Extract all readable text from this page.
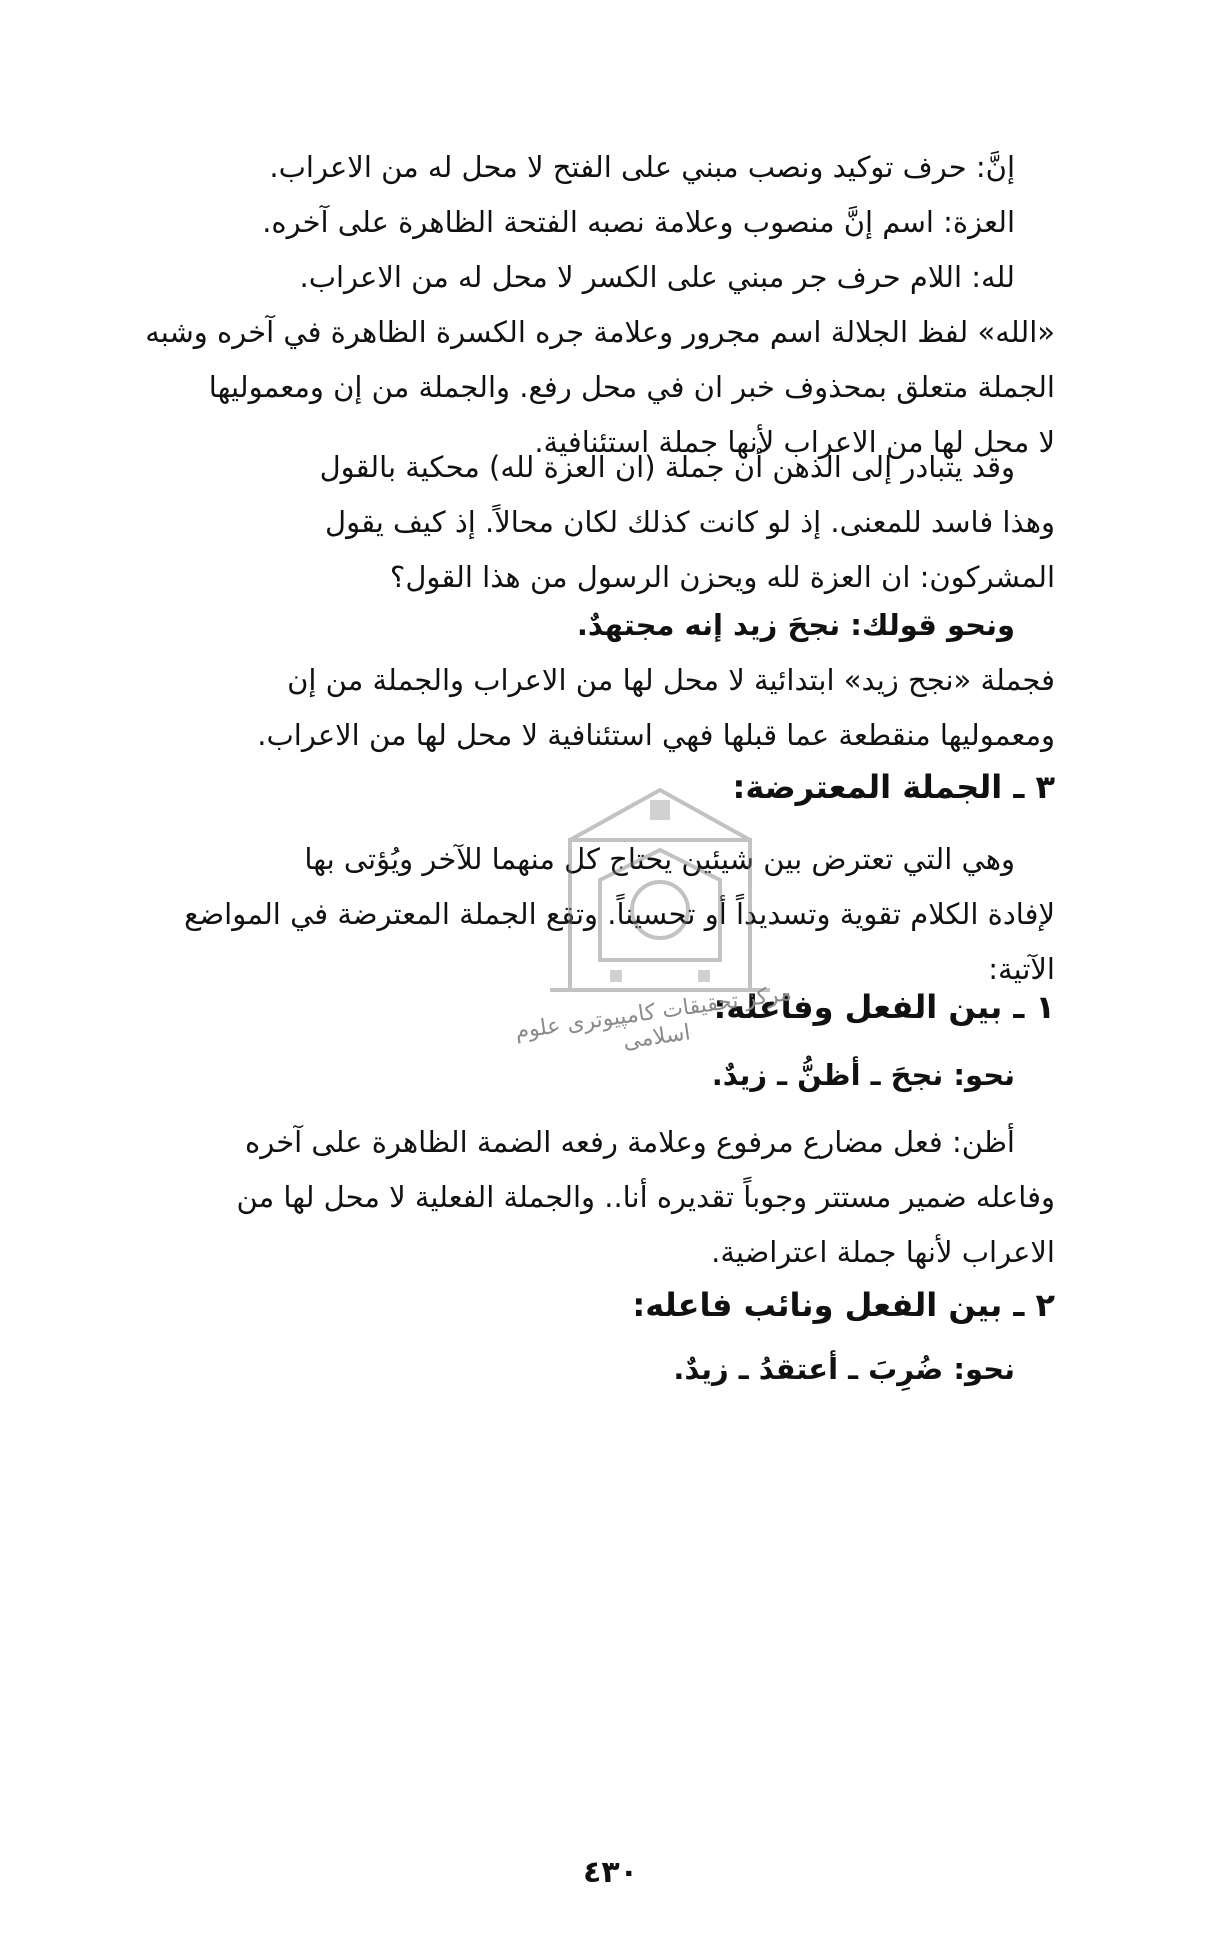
إنَّ: حرف توكيد ونصب مبني على الفتح لا محل له من الاعراب.
العزة: اسم إنَّ منصوب وعلامة نصبه الفتحة الظاهرة على آخره.
لله: اللام حرف جر مبني على الكسر لا محل له من الاعراب.
«الله» لفظ الجلالة اسم مجرور وعلامة جره الكسرة الظاهرة في آخره وشبه
الجملة متعلق بمحذوف خبر ان في محل رفع. والجملة من إن ومعموليها
لا محل لها من الاعراب لأنها جملة استئنافية.
وقد يتبادر إلى الذهن أن جملة (ان العزة لله) محكية بالقول
وهذا فاسد للمعنى. إذ لو كانت كذلك لكان محالاً. إذ كيف يقول
المشركون: ان العزة لله ويحزن الرسول من هذا القول؟
ونحو قولك: نجحَ زيد إنه مجتهدٌ.
فجملة «نجح زيد» ابتدائية لا محل لها من الاعراب والجملة من إن
ومعموليها منقطعة عما قبلها فهي استئنافية لا محل لها من الاعراب.
٣ ـ الجملة المعترضة:
وهي التي تعترض بين شيئين يحتاج كل منهما للآخر ويُؤتى بها
لإفادة الكلام تقوية وتسديداً أو تحسيناً. وتقع الجملة المعترضة في المواضع
الآتية:
١ ـ بين الفعل وفاعله:
نحو: نجحَ ـ أظنُّ ـ زيدٌ.
أظن: فعل مضارع مرفوع وعلامة رفعه الضمة الظاهرة على آخره
وفاعله ضمير مستتر وجوباً تقديره أنا.. والجملة الفعلية لا محل لها من
الاعراب لأنها جملة اعتراضية.
٢ ـ بين الفعل ونائب فاعله:
نحو: ضُرِبَ ـ أعتقدُ ـ زيدٌ.
مركز تحقیقات کامپیوتری علوم اسلامی
٤٣٠
